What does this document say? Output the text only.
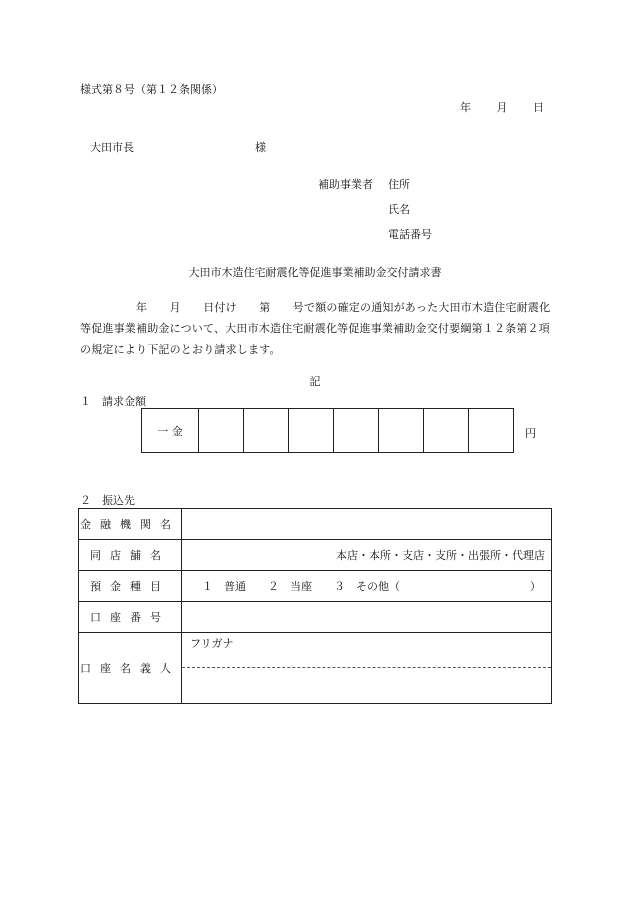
様式第８号（第１２条関係）
年 月 日
大田市長	様
補助事業者 住所
氏名
電話番号
大田市木造住宅耐震化等促進事業補助金交付請求書
　　　　　年　　月　　日付け　　第　　号で額の確定の通知があった大田市木造住宅耐震化等促進事業補助金について、大田市木造住宅耐震化等促進事業補助金交付要綱第１２条第２項の規定により下記のとおり請求します。
記
１　請求金額
一 金	円
２　振込先
金融機関名	
同店舗名	本店・本所・支店・支所・出張所・代理店
預金種目	１　普通　　２　当座　　３　その他（ ）

口座番号	
口座名義人	フリガナ
